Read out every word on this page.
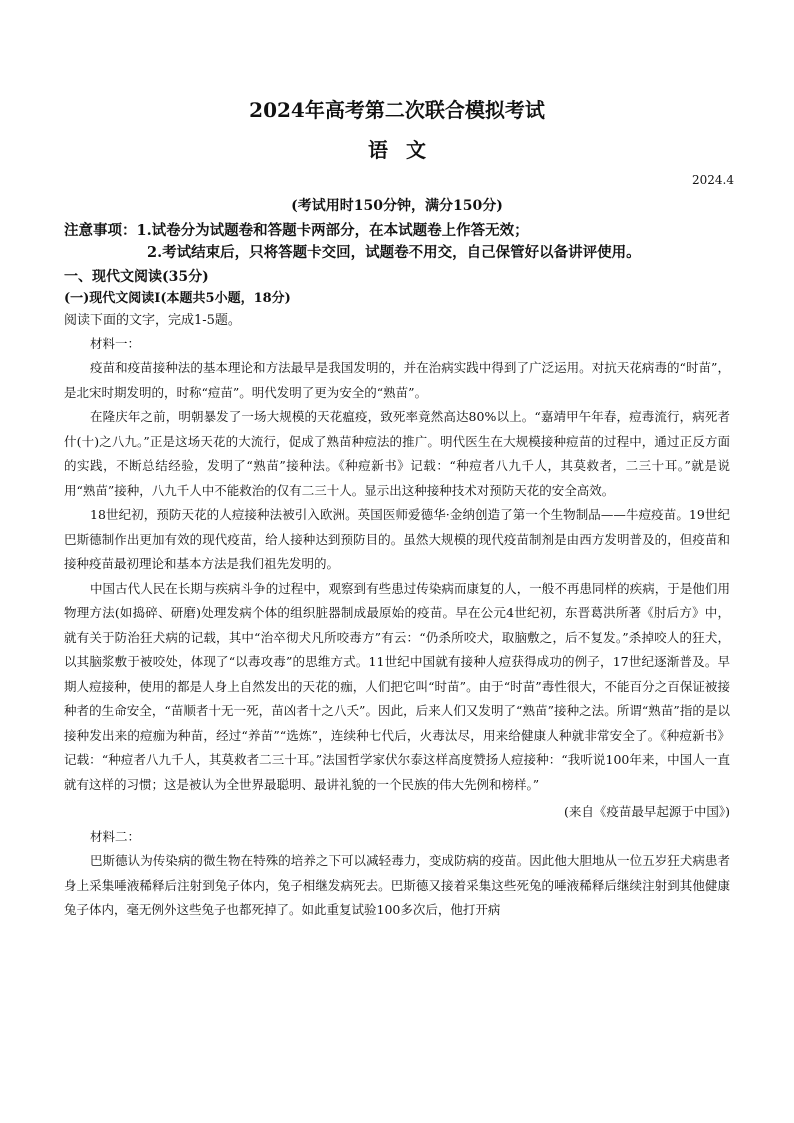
2024年高考第二次联合模拟考试
语文
2024.4
(考试用时150分钟，满分150分)
注意事项：1.试卷分为试题卷和答题卡两部分，在本试题卷上作答无效；
2.考试结束后，只将答题卡交回，试题卷不用交，自己保管好以备讲评使用。
一、现代文阅读(35分)
(一)现代文阅读Ⅰ(本题共5小题，18分)
阅读下面的文字，完成1-5题。
材料一：

疫苗和疫苗接种法的基本理论和方法最早是我国发明的，并在治病实践中得到了广泛运用。对抗天花病毒的“时苗”，是北宋时期发明的，时称“痘苗”。明代发明了更为安全的“熟苗”。

在隆庆年之前，明朝暴发了一场大规模的天花瘟疫，致死率竟然高达80%以上。“嘉靖甲午年春，痘毒流行，病死者什(十)之八九。”正是这场天花的大流行，促成了熟苗种痘法的推广。明代医生在大规模接种痘苗的过程中，通过正反方面的实践，不断总结经验，发明了“熟苗”接种法。《种痘新书》记载：“种痘者八九千人，其莫救者，二三十耳。”就是说用“熟苗”接种，八九千人中不能救治的仅有二三十人。显示出这种接种技术对预防天花的安全高效。

18世纪初，预防天花的人痘接种法被引入欧洲。英国医师爱德华·金纳创造了第一个生物制品——牛痘疫苗。19世纪巴斯德制作出更加有效的现代疫苗，给人接种达到预防目的。虽然大规模的现代疫苗制剂是由西方发明普及的，但疫苗和接种疫苗最初理论和基本方法是我们祖先发明的。

中国古代人民在长期与疾病斗争的过程中，观察到有些患过传染病而康复的人，一般不再患同样的疾病，于是他们用物理方法(如捣碎、研磨)处理发病个体的组织脏器制成最原始的疫苗。早在公元4世纪初，东晋葛洪所著《肘后方》中，就有关于防治狂犬病的记载，其中“治卒彻犬凡所咬毒方”有云：“仍杀所咬犬，取脑敷之，后不复发。”杀掉咬人的狂犬，以其脑浆敷于被咬处，体现了“以毒攻毒”的思维方式。11世纪中国就有接种人痘获得成功的例子，17世纪逐渐普及。早期人痘接种，使用的都是人身上自然发出的天花的痂，人们把它叫“时苗”。由于“时苗”毒性很大，不能百分之百保证被接种者的生命安全，“苗顺者十无一死，苗凶者十之八夭”。因此，后来人们又发明了“熟苗”接种之法。所谓“熟苗”指的是以接种发出来的痘痂为种苗，经过“养苗”“选炼”，连续种七代后，火毒汰尽，用来给健康人种就非常安全了。《种痘新书》记载：“种痘者八九千人，其莫救者二三十耳。”法国哲学家伏尔泰这样高度赞扬人痘接种：“我听说100年来，中国人一直就有这样的习惯；这是被认为全世界最聪明、最讲礼貌的一个民族的伟大先例和榜样。”

(来自《疫苗最早起源于中国》)
材料二：

巴斯德认为传染病的微生物在特殊的培养之下可以减轻毒力，变成防病的疫苗。因此他大胆地从一位五岁狂犬病患者身上采集唾液稀释后注射到兔子体内，兔子相继发病死去。巴斯德又接着采集这些死兔的唾液稀释后继续注射到其他健康兔子体内，毫无例外这些兔子也都死掉了。如此重复试验100多次后，他打开病
